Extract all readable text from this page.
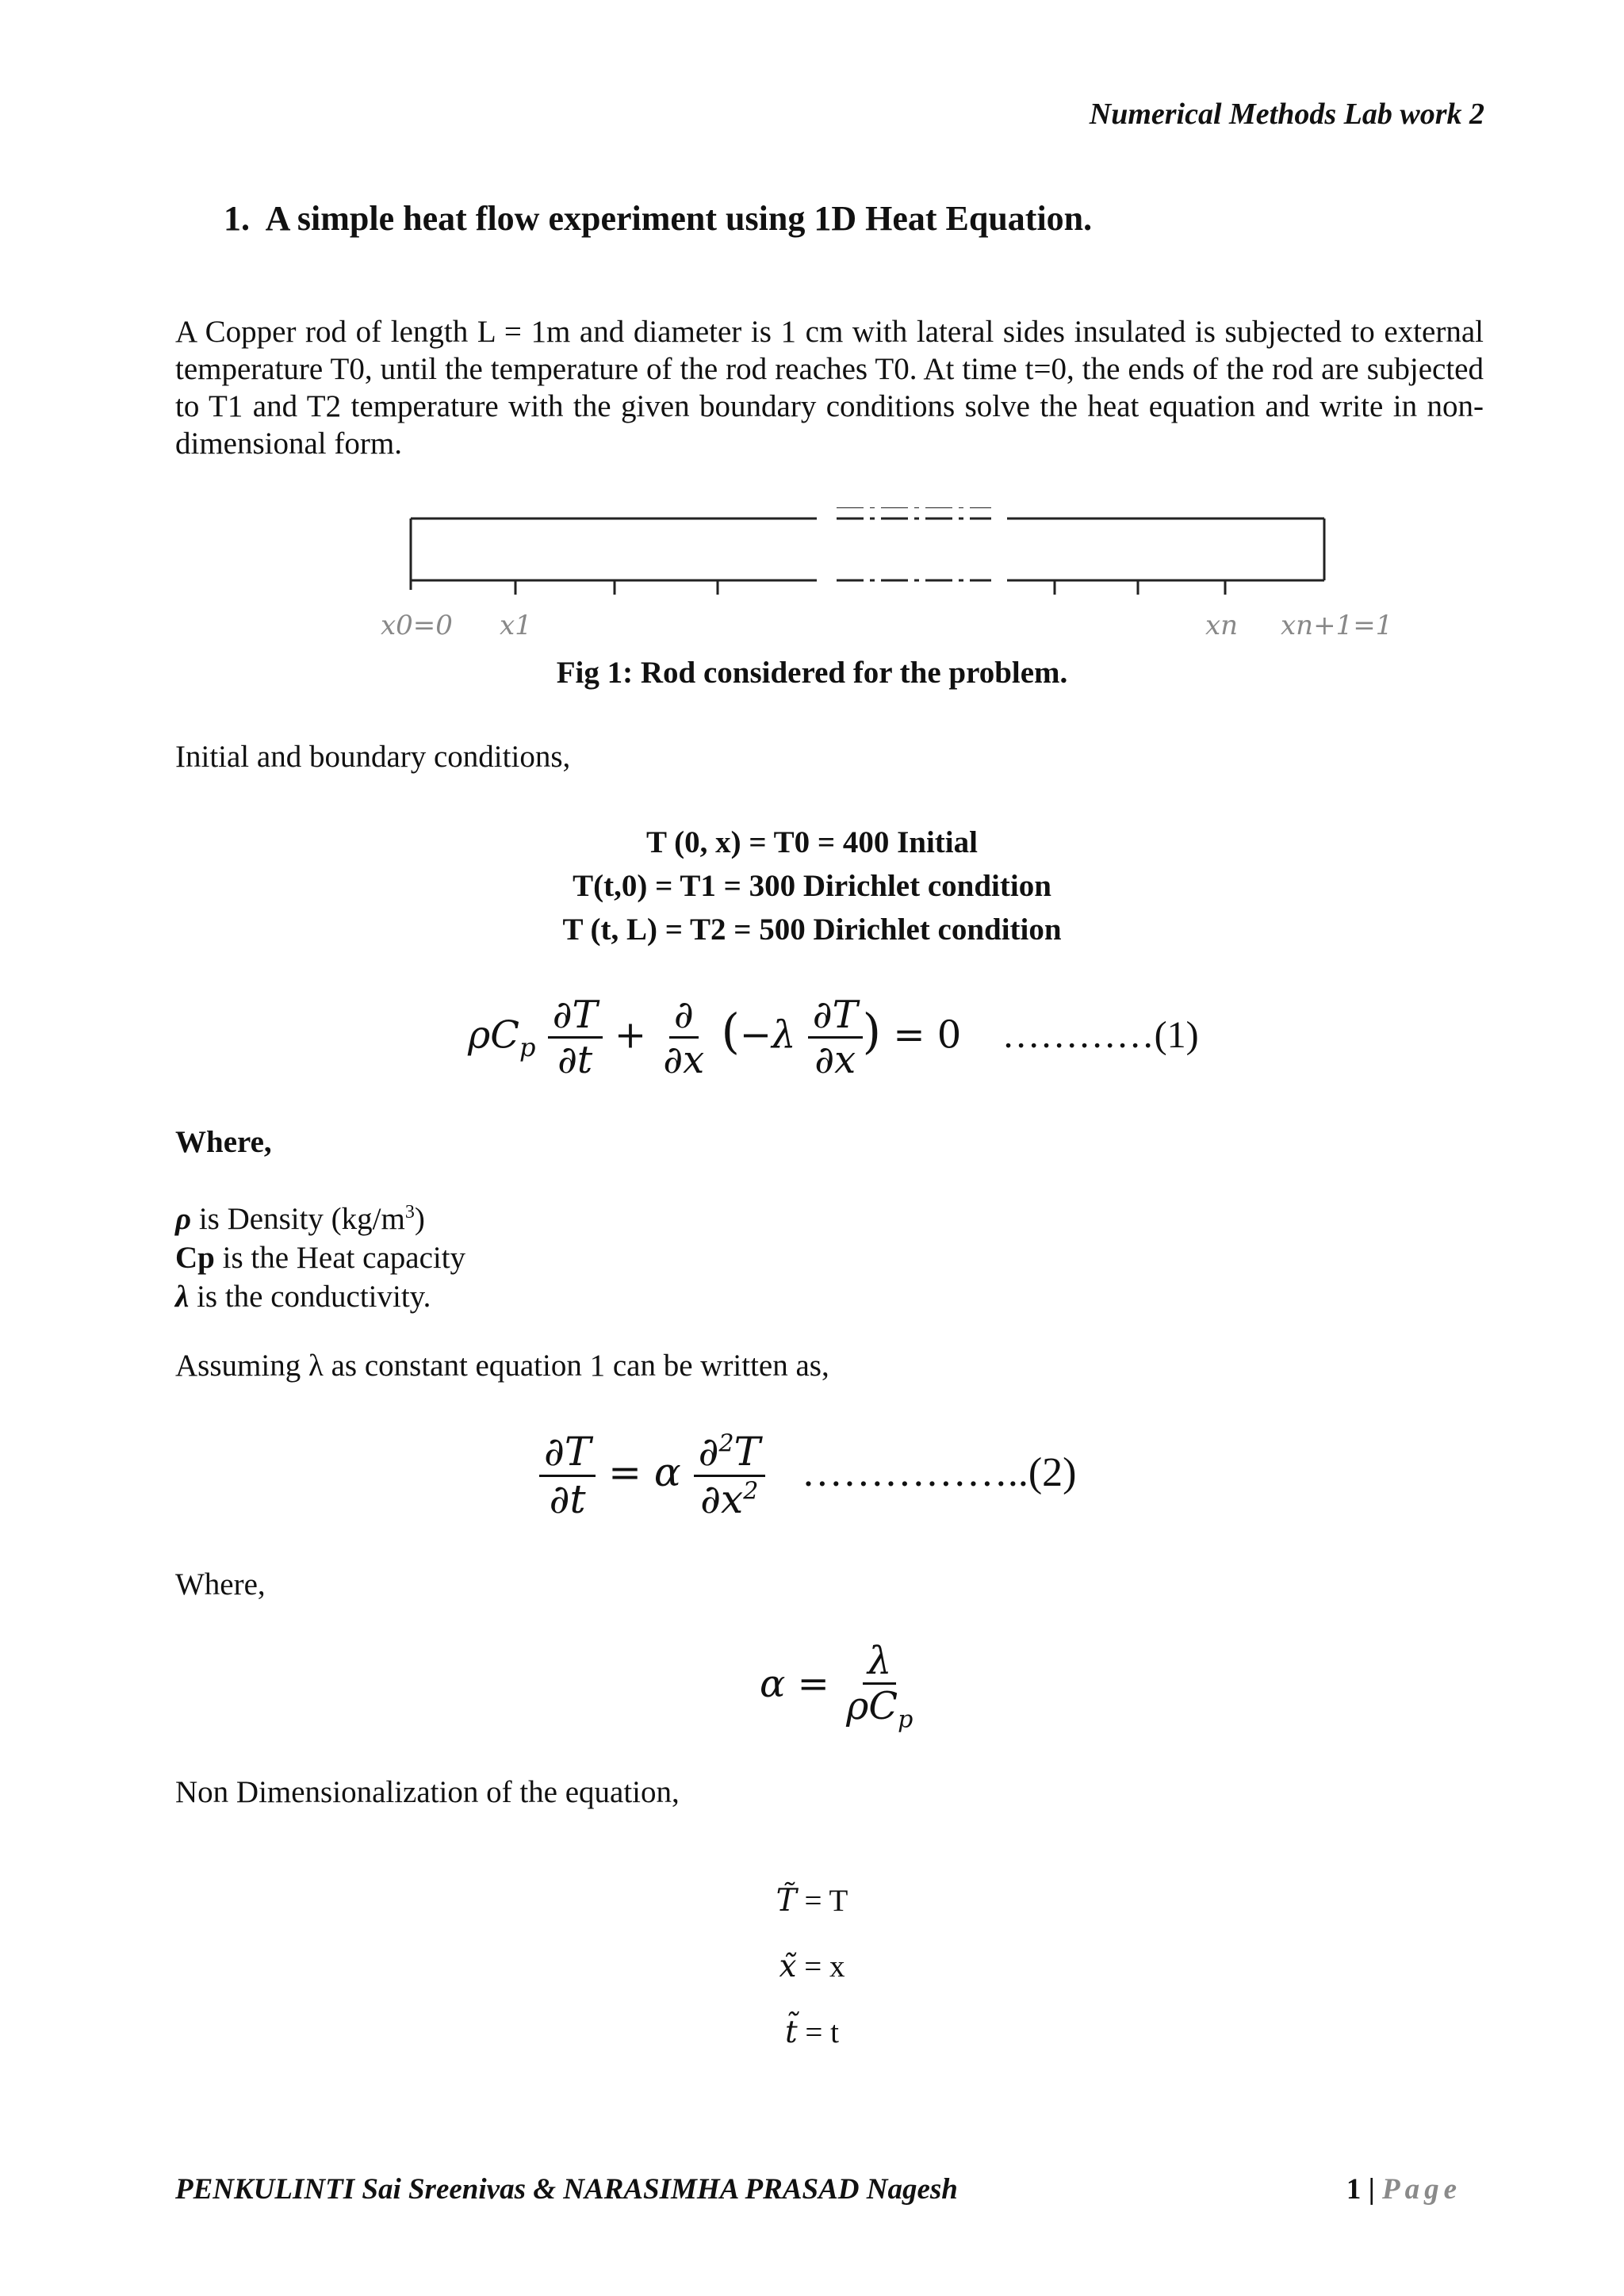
Numerical Methods Lab work 2
1. A simple heat flow experiment using 1D Heat Equation.

A Copper rod of length L = 1m and diameter is 1 cm with lateral sides insulated is subjected to external temperature T0, until the temperature of the rod reaches T0. At time t=0, the ends of the rod are subjected to T1 and T2 temperature with the given boundary conditions solve the heat equation and write in non-dimensional form.

x0=0 x1	xn xn+1=1
Fig 1: Rod considered for the problem.
Initial and boundary conditions,
T (0, x) = T0 = 400 Initial
T(t,0) = T1 = 300 Dirichlet condition
T (t, L) = T2 = 500 Dirichlet condition
$\rho C_p \frac{\partial T}{\partial t} + \frac{\partial}{\partial x} (-\lambda \frac{\partial T}{\partial x}$ ) = 0 …………(1)
Where,
ρ is Density $(kg/m^3)$
Cp is the Heat capacity
λ is the conductivity.
Assuming λ as constant equation 1 can be written as,
$\frac{\partial T}{\partial t} = \alpha \frac{\partial^2T}{\partial x^2}$ ……………..(2)
Where,
$\alpha = \frac{\lambda}{\rho C_p}$
Non Dimensionalization of the equation,
T̃ = T
x̃ = x
t̃ = t
PENKULINTI Sai Sreenivas & NARASIMHA PRASAD Nagesh	1 | Page
